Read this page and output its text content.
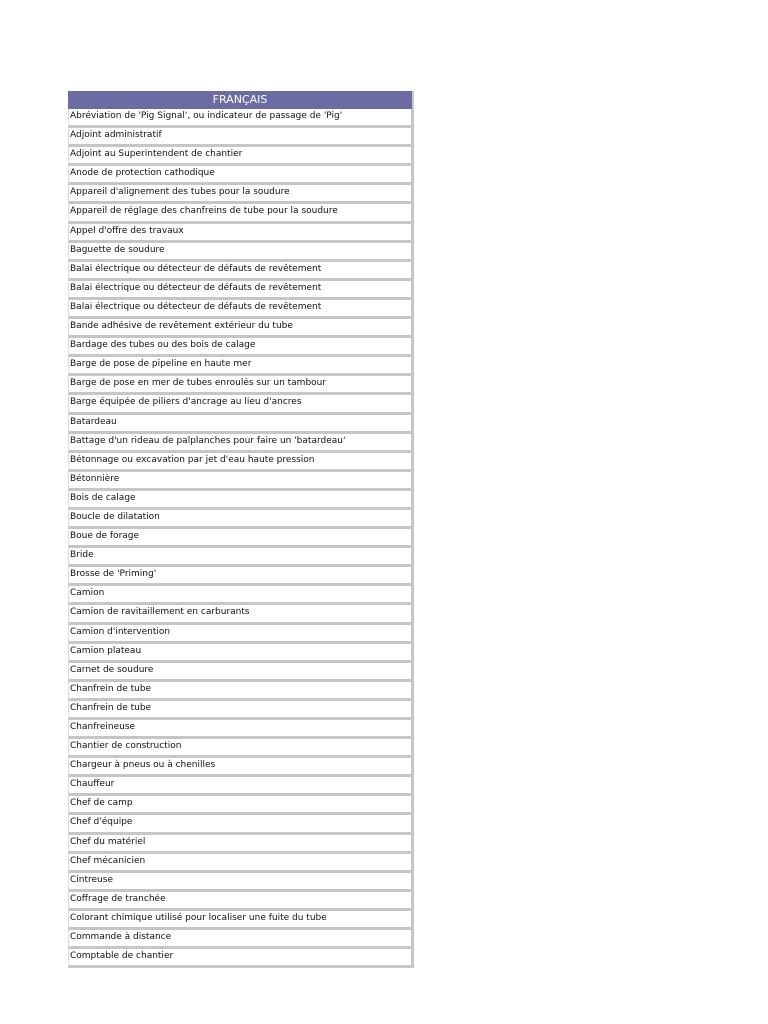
FRANÇAIS
Abréviation de 'Pig Signal', ou indicateur de passage de 'Pig'
Adjoint administratif
Adjoint au Superintendent de chantier
Anode de protection cathodique
Appareil d'alignement des tubes pour la soudure
Appareil de réglage des chanfreins de tube pour la soudure
Appel d'offre des travaux
Baguette de soudure
Balai électrique ou détecteur de défauts de revêtement
Balai électrique ou détecteur de défauts de revêtement
Balai électrique ou détecteur de défauts de revêtement
Bande adhésive de revêtement extérieur du tube
Bardage des tubes ou des bois de calage
Barge de pose de pipeline en haute mer
Barge de pose en mer de tubes enroulés sur un tambour
Barge équipée de piliers d'ancrage au lieu d'ancres
Batardeau
Battage d'un rideau de palplanches pour faire un 'batardeau'
Bétonnage ou excavation par jet d'eau haute pression
Bétonnière
Bois de calage
Boucle de dilatation
Boue de forage
Bride
Brosse de 'Priming'
Camion
Camion de ravitaillement en carburants
Camion d'intervention
Camion plateau
Carnet de soudure
Chanfrein de tube
Chanfrein de tube
Chanfreineuse
Chantier de construction
Chargeur à pneus ou à chenilles
Chauffeur
Chef de camp
Chef d'équipe
Chef du matériel
Chef mécanicien
Cintreuse
Coffrage de tranchée
Colorant chimique utilisé pour localiser une fuite du tube
Commande à distance
Comptable de chantier
